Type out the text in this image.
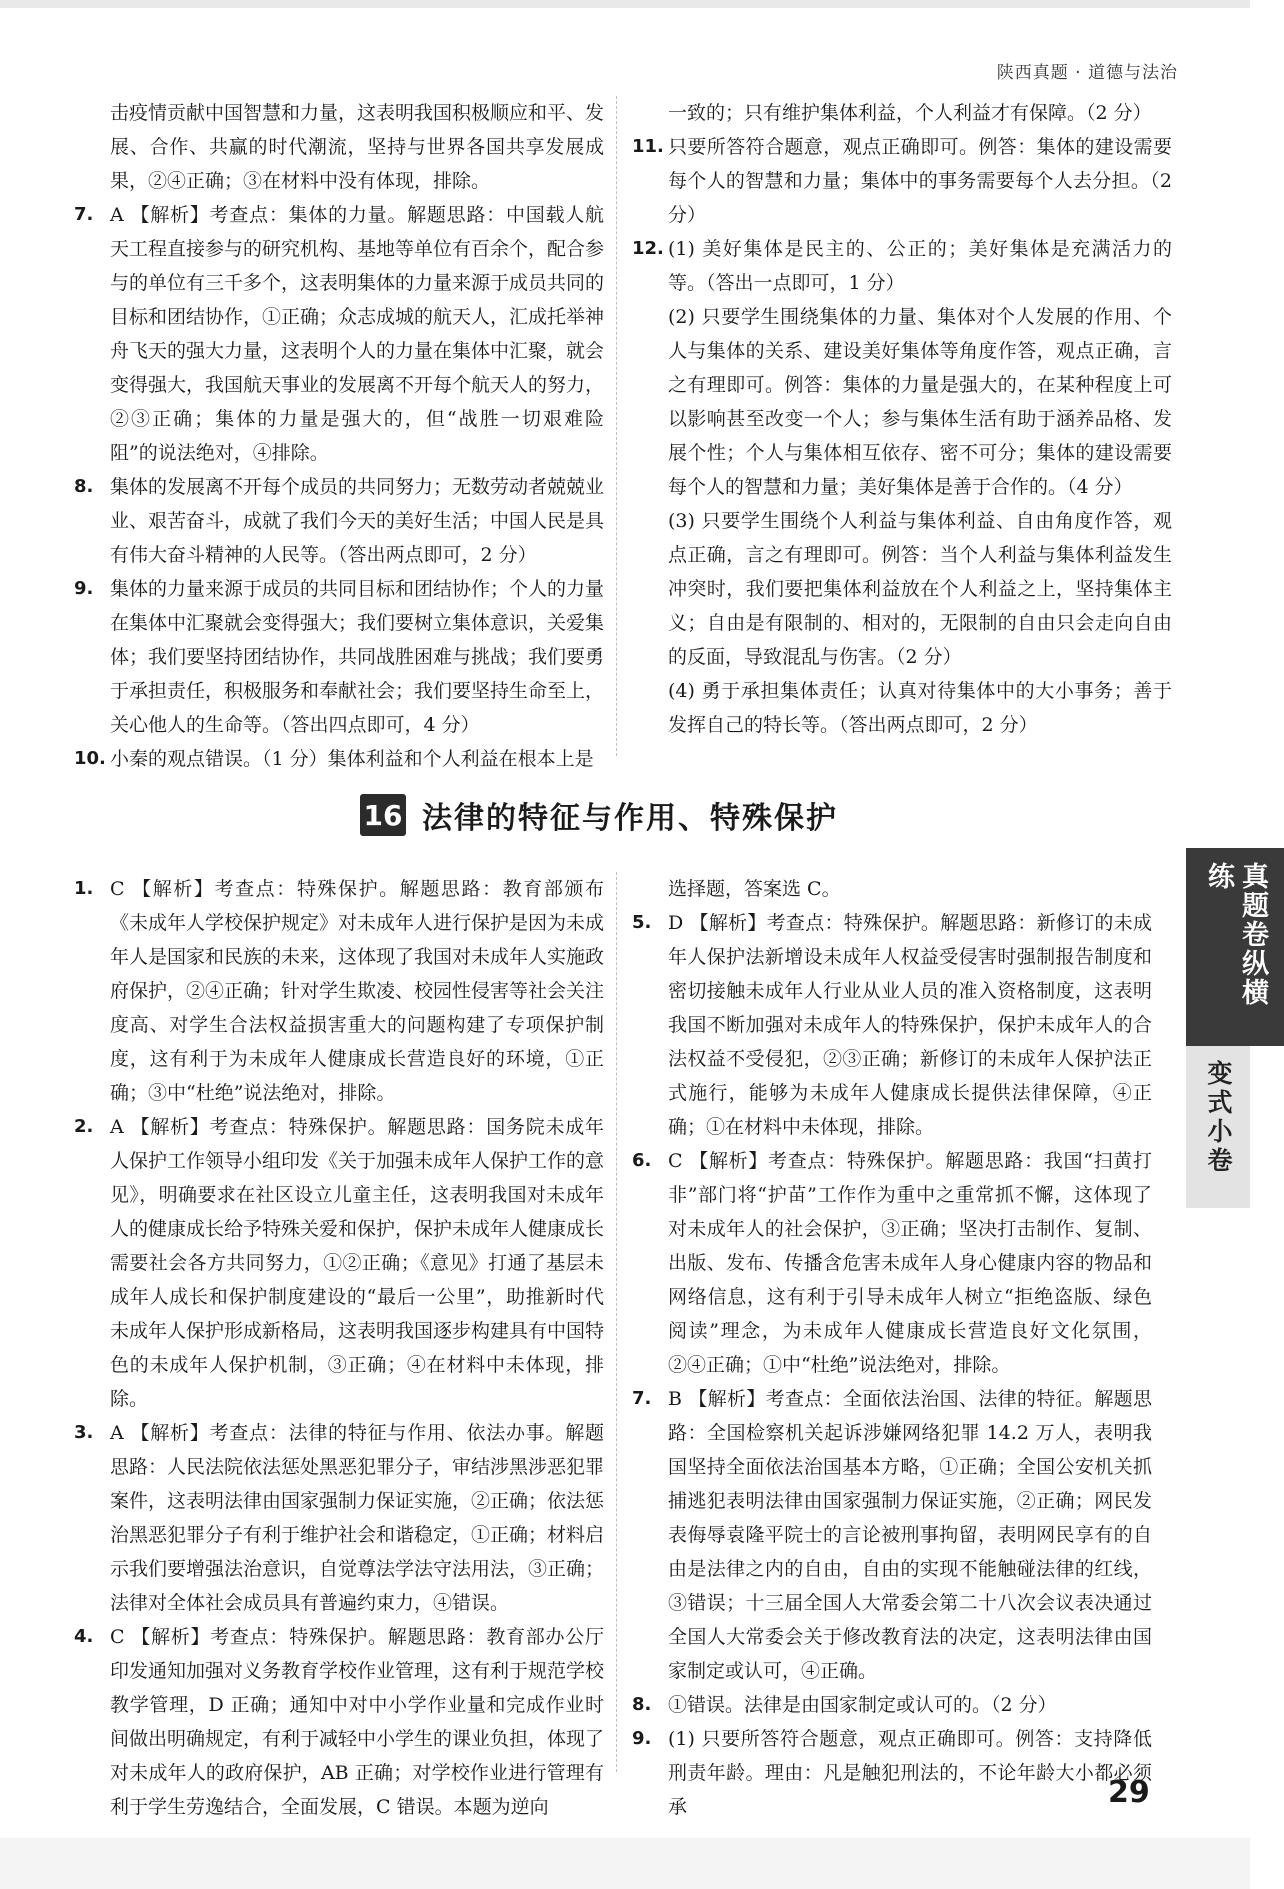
陕西真题 · 道德与法治

击疫情贡献中国智慧和力量，这表明我国积极顺应和平、发展、合作、共赢的时代潮流，坚持与世界各国共享发展成果，②④正确；③在材料中没有体现，排除。

7. A 【解析】考查点：集体的力量。解题思路：中国载人航天工程直接参与的研究机构、基地等单位有百余个，配合参与的单位有三千多个，这表明集体的力量来源于成员共同的目标和团结协作，①正确；众志成城的航天人，汇成托举神舟飞天的强大力量，这表明个人的力量在集体中汇聚，就会变得强大，我国航天事业的发展离不开每个航天人的努力，②③正确；集体的力量是强大的，但“战胜一切艰难险阻”的说法绝对，④排除。

8. 集体的发展离不开每个成员的共同努力；无数劳动者兢兢业业、艰苦奋斗，成就了我们今天的美好生活；中国人民是具有伟大奋斗精神的人民等。（答出两点即可，2 分）

9. 集体的力量来源于成员的共同目标和团结协作；个人的力量在集体中汇聚就会变得强大；我们要树立集体意识，关爱集体；我们要坚持团结协作，共同战胜困难与挑战；我们要勇于承担责任，积极服务和奉献社会；我们要坚持生命至上，关心他人的生命等。（答出四点即可，4 分）

10. 小秦的观点错误。（1 分）集体利益和个人利益在根本上是

一致的；只有维护集体利益，个人利益才有保障。（2 分）

11. 只要所答符合题意，观点正确即可。例答：集体的建设需要每个人的智慧和力量；集体中的事务需要每个人去分担。（2 分）

12. (1) 美好集体是民主的、公正的；美好集体是充满活力的等。（答出一点即可，1 分）

(2) 只要学生围绕集体的力量、集体对个人发展的作用、个人与集体的关系、建设美好集体等角度作答，观点正确，言之有理即可。例答：集体的力量是强大的，在某种程度上可以影响甚至改变一个人；参与集体生活有助于涵养品格、发展个性；个人与集体相互依存、密不可分；集体的建设需要每个人的智慧和力量；美好集体是善于合作的。（4 分）

(3) 只要学生围绕个人利益与集体利益、自由角度作答，观点正确，言之有理即可。例答：当个人利益与集体利益发生冲突时，我们要把集体利益放在个人利益之上，坚持集体主义；自由是有限制的、相对的，无限制的自由只会走向自由的反面，导致混乱与伤害。（2 分）

(4) 勇于承担集体责任；认真对待集体中的大小事务；善于发挥自己的特长等。（答出两点即可，2 分）

16 法律的特征与作用、特殊保护
1. C 【解析】考查点：特殊保护。解题思路：教育部颁布《未成年人学校保护规定》对未成年人进行保护是因为未成年人是国家和民族的未来，这体现了我国对未成年人实施政府保护，②④正确；针对学生欺凌、校园性侵害等社会关注度高、对学生合法权益损害重大的问题构建了专项保护制度，这有利于为未成年人健康成长营造良好的环境，①正确；③中“杜绝”说法绝对，排除。

2. A 【解析】考查点：特殊保护。解题思路：国务院未成年人保护工作领导小组印发《关于加强未成年人保护工作的意见》，明确要求在社区设立儿童主任，这表明我国对未成年人的健康成长给予特殊关爱和保护，保护未成年人健康成长需要社会各方共同努力，①②正确；《意见》打通了基层未成年人成长和保护制度建设的“最后一公里”，助推新时代未成年人保护形成新格局，这表明我国逐步构建具有中国特色的未成年人保护机制，③正确；④在材料中未体现，排除。

3. A 【解析】考查点：法律的特征与作用、依法办事。解题思路：人民法院依法惩处黑恶犯罪分子，审结涉黑涉恶犯罪案件，这表明法律由国家强制力保证实施，②正确；依法惩治黑恶犯罪分子有利于维护社会和谐稳定，①正确；材料启示我们要增强法治意识，自觉尊法学法守法用法，③正确；法律对全体社会成员具有普遍约束力，④错误。

4. C 【解析】考查点：特殊保护。解题思路：教育部办公厅印发通知加强对义务教育学校作业管理，这有利于规范学校教学管理，D 正确；通知中对中小学作业量和完成作业时间做出明确规定，有利于减轻中小学生的课业负担，体现了对未成年人的政府保护，AB 正确；对学校作业进行管理有利于学生劳逸结合，全面发展，C 错误。本题为逆向

选择题，答案选 C。

5. D 【解析】考查点：特殊保护。解题思路：新修订的未成年人保护法新增设未成年人权益受侵害时强制报告制度和密切接触未成年人行业从业人员的准入资格制度，这表明我国不断加强对未成年人的特殊保护，保护未成年人的合法权益不受侵犯，②③正确；新修订的未成年人保护法正式施行，能够为未成年人健康成长提供法律保障，④正确；①在材料中未体现，排除。

6. C 【解析】考查点：特殊保护。解题思路：我国“扫黄打非”部门将“护苗”工作作为重中之重常抓不懈，这体现了对未成年人的社会保护，③正确；坚决打击制作、复制、出版、发布、传播含危害未成年人身心健康内容的物品和网络信息，这有利于引导未成年人树立“拒绝盗版、绿色阅读”理念，为未成年人健康成长营造良好文化氛围，②④正确；①中“杜绝”说法绝对，排除。

7. B 【解析】考查点：全面依法治国、法律的特征。解题思路：全国检察机关起诉涉嫌网络犯罪 14.2 万人，表明我国坚持全面依法治国基本方略，①正确；全国公安机关抓捕逃犯表明法律由国家强制力保证实施，②正确；网民发表侮辱袁隆平院士的言论被刑事拘留，表明网民享有的自由是法律之内的自由，自由的实现不能触碰法律的红线，③错误；十三届全国人大常委会第二十八次会议表决通过全国人大常委会关于修改教育法的决定，这表明法律由国家制定或认可，④正确。

8. ①错误。法律是由国家制定或认可的。（2 分）

9. (1) 只要所答符合题意，观点正确即可。例答：支持降低刑责年龄。理由：凡是触犯刑法的，不论年龄大小都必须承

真题卷纵横练
变式小卷
29
